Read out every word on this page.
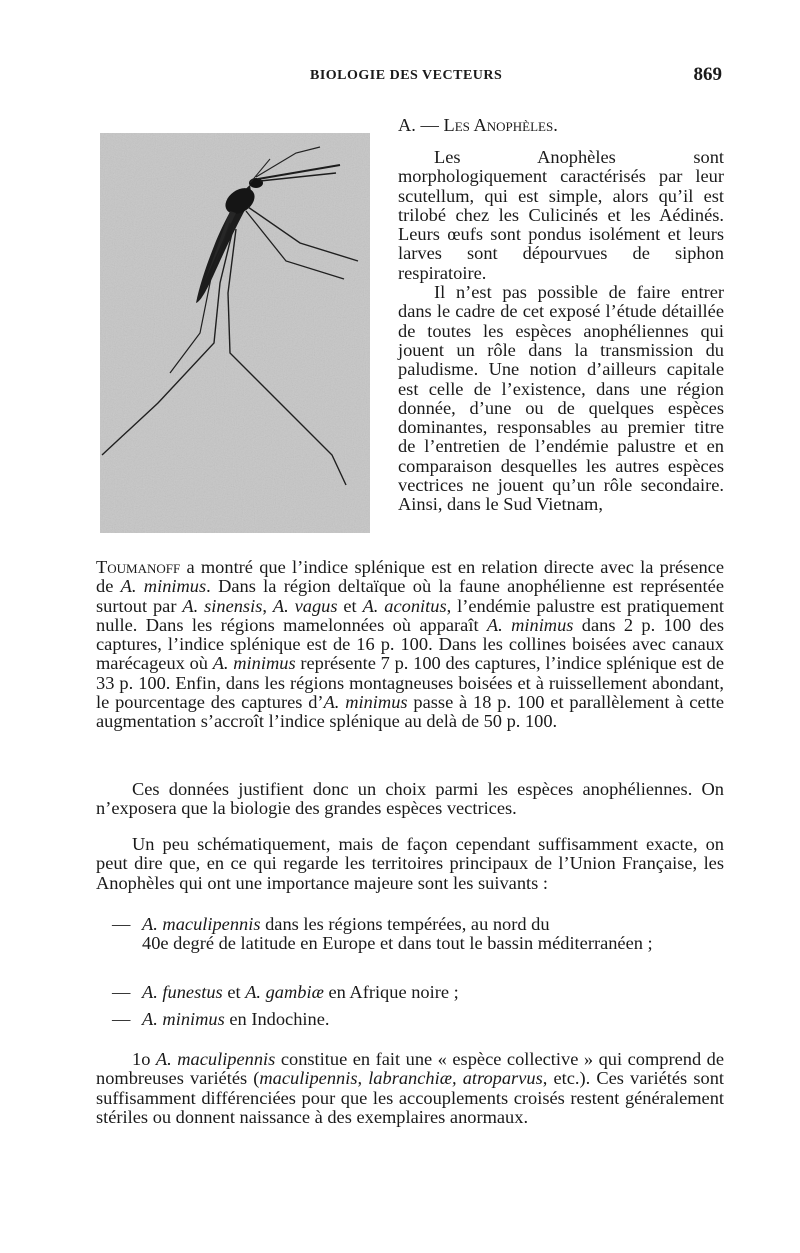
BIOLOGIE DES VECTEURS	869
A. — Les Anophèles.

Les Anophèles sont morphologiquement caractérisés par leur scutellum, qui est simple, alors qu’il est trilobé chez les Culicinés et les Aédinés. Leurs œufs sont pondus isolément et leurs larves sont dépourvues de siphon respiratoire.

Il n’est pas possible de faire entrer dans le cadre de cet exposé l’étude détaillée de toutes les espèces anophéliennes qui jouent un rôle dans la transmission du paludisme. Une notion d’ailleurs capitale est celle de l’existence, dans une région donnée, d’une ou de quelques espèces dominantes, responsables au premier titre de l’entretien de l’endémie palustre et en comparaison desquelles les autres espèces vectrices ne jouent qu’un rôle secondaire. Ainsi, dans le Sud Vietnam,

Toumanoff a montré que l’indice splénique est en relation directe avec la présence de A. minimus. Dans la région deltaïque où la faune anophélienne est représentée surtout par A. sinensis, A. vagus et A. aconitus, l’endémie palustre est pratiquement nulle. Dans les régions mamelonnées où apparaît A. minimus dans 2 p. 100 des captures, l’indice splénique est de 16 p. 100. Dans les collines boisées avec canaux marécageux où A. minimus représente 7 p. 100 des captures, l’indice splénique est de 33 p. 100. Enfin, dans les régions montagneuses boisées et à ruissellement abondant, le pourcentage des captures d’A. minimus passe à 18 p. 100 et parallèlement à cette augmentation s’accroît l’indice splénique au delà de 50 p. 100.

Ces données justifient donc un choix parmi les espèces anophéliennes. On n’exposera que la biologie des grandes espèces vectrices.

Un peu schématiquement, mais de façon cependant suffisamment exacte, on peut dire que, en ce qui regarde les territoires principaux de l’Union Française, les Anophèles qui ont une importance majeure sont les suivants :

— A. maculipennis dans les régions tempérées, au nord du
40e degré de latitude en Europe et dans tout le bassin méditerranéen ;
— A. funestus et A. gambiæ en Afrique noire ;
— A. minimus en Indochine.

1o A. maculipennis constitue en fait une « espèce collective » qui comprend de nombreuses variétés (maculipennis, labranchiæ, atroparvus, etc.). Ces variétés sont suffisamment différenciées pour que les accouplements croisés restent généralement stériles ou donnent naissance à des exemplaires anormaux.
